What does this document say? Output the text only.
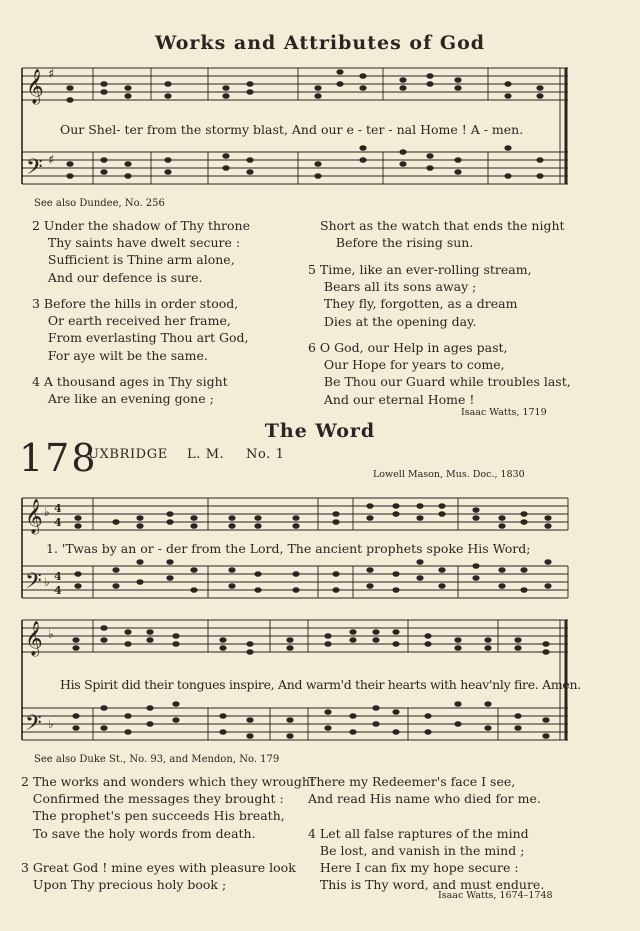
Works and Attributes of God
𝄞
𝄢
♯
♯
Our Shel- ter from the stormy blast, And our e - ter - nal Home ! A - men.
See also Dundee, No. 256
2 Under the shadow of Thy throne
Thy saints have dwelt secure :
Sufficient is Thine arm alone,
And our defence is sure.
3 Before the hills in order stood,
Or earth received her frame,
From everlasting Thou art God,
For aye wilt be the same.
4 A thousand ages in Thy sight
Are like an evening gone ;
Short as the watch that ends the night
Before the rising sun.
5 Time, like an ever-rolling stream,
Bears all its sons away ;
They fly, forgotten, as a dream
Dies at the opening day.
6 O God, our Help in ages past,
Our Hope for years to come,
Be Thou our Guard while troubles last,
And our eternal Home !
Isaac Watts, 1719
The Word
178
UXBRIDGE L. M. No. 1
Lowell Mason, Mus. Doc., 1830
𝄞
𝄢
♭
♭
4
4
4
4
1. 'Twas by an or - der from the Lord, The ancient prophets spoke His Word;
𝄞
𝄢
♭
♭
His Spirit did their tongues inspire, And warm'd their hearts with heav'nly fire. Amen.
See also Duke St., No. 93, and Mendon, No. 179
2 The works and wonders which they wrought
Confirmed the messages they brought :
The prophet's pen succeeds His breath,
To save the holy words from death.

3 Great God ! mine eyes with pleasure look
Upon Thy precious holy book ;
There my Redeemer's face I see,
And read His name who died for me.

4 Let all false raptures of the mind
Be lost, and vanish in the mind ;
Here I can fix my hope secure :
This is Thy word, and must endure.
Isaac Watts, 1674–1748
